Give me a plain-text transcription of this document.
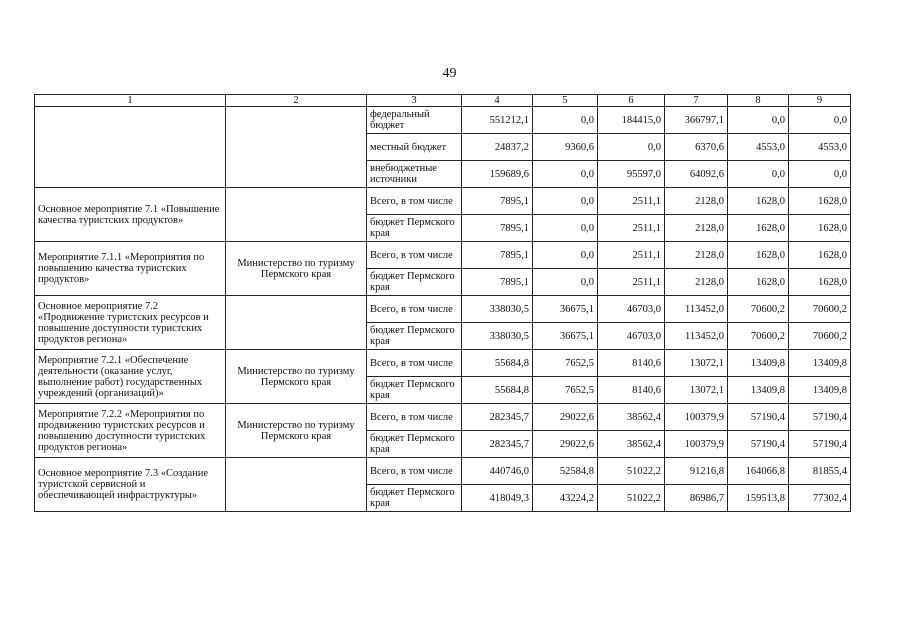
49
1	2	3	4	5	6	7	8	9
		федеральный бюджет	551212,1	0,0	184415,0	366797,1	0,0	0,0
		местный бюджет	24837,2	9360,6	0,0	6370,6	4553,0	4553,0
		внебюджетные источники	159689,6	0,0	95597,0	64092,6	0,0	0,0
Основное мероприятие 7.1 «Повышение качества туристских продуктов»		Всего, в том числе	7895,1	0,0	2511,1	2128,0	1628,0	1628,0
		бюджет Пермского края	7895,1	0,0	2511,1	2128,0	1628,0	1628,0
Мероприятие 7.1.1 «Мероприятия по повышению качества туристских продуктов»	Министерство по туризму Пермского края	Всего, в том числе	7895,1	0,0	2511,1	2128,0	1628,0	1628,0
		бюджет Пермского края	7895,1	0,0	2511,1	2128,0	1628,0	1628,0
Основное мероприятие 7.2 «Продвижение туристских ресурсов и повышение доступности туристских продуктов региона»		Всего, в том числе	338030,5	36675,1	46703,0	113452,0	70600,2	70600,2
		бюджет Пермского края	338030,5	36675,1	46703,0	113452,0	70600,2	70600,2
Мероприятие 7.2.1 «Обеспечение деятельности (оказание услуг, выполнение работ) государственных учреждений (организаций)»	Министерство по туризму Пермского края	Всего, в том числе	55684,8	7652,5	8140,6	13072,1	13409,8	13409,8
		бюджет Пермского края	55684,8	7652,5	8140,6	13072,1	13409,8	13409,8
Мероприятие 7.2.2 «Мероприятия по продвижению туристских ресурсов и повышению доступности туристских продуктов региона»	Министерство по туризму Пермского края	Всего, в том числе	282345,7	29022,6	38562,4	100379,9	57190,4	57190,4
		бюджет Пермского края	282345,7	29022,6	38562,4	100379,9	57190,4	57190,4
Основное мероприятие 7.3 «Создание туристской сервисной и обеспечивающей инфраструктуры»		Всего, в том числе	440746,0	52584,8	51022,2	91216,8	164066,8	81855,4
		бюджет Пермского края	418049,3	43224,2	51022,2	86986,7	159513,8	77302,4
